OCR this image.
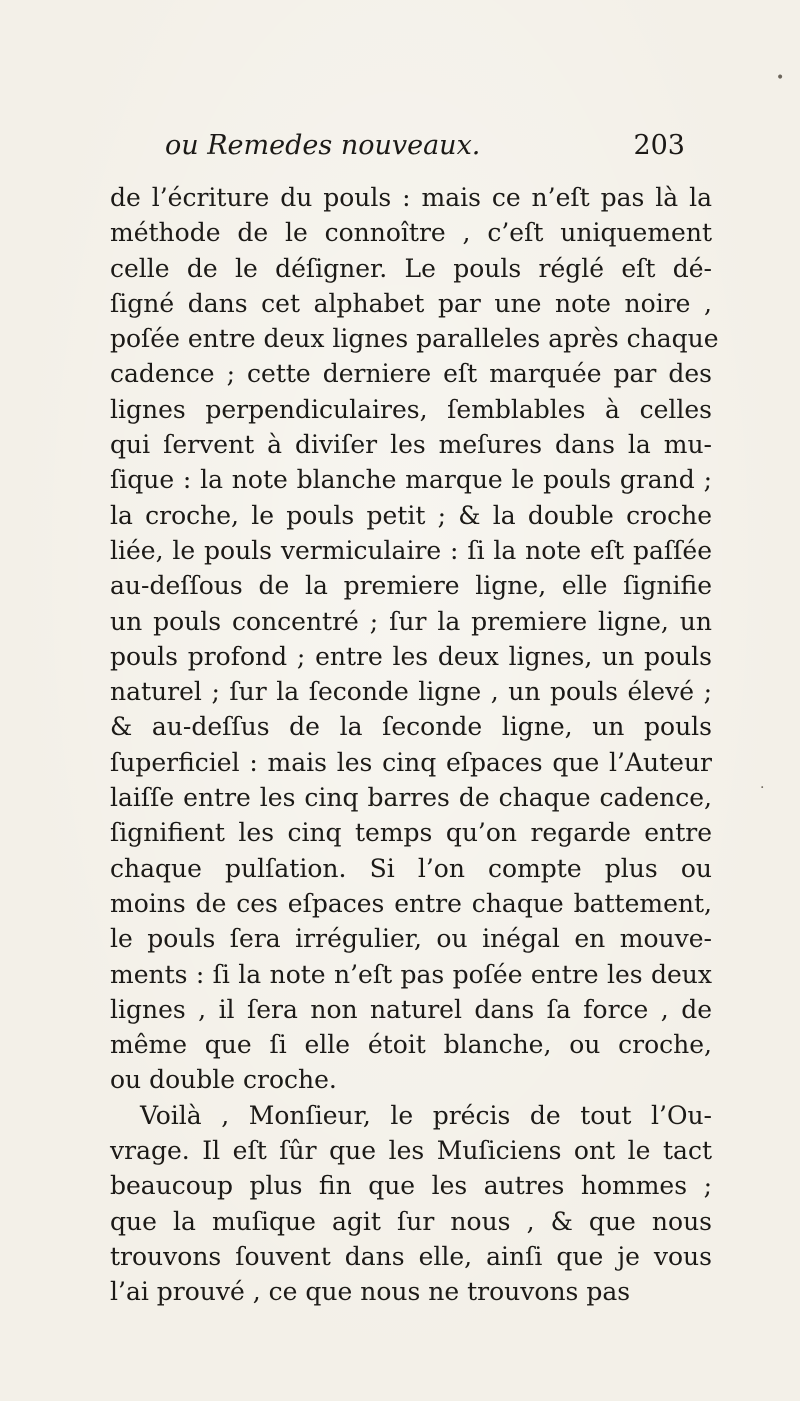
ou Remedes nouveaux.	203
de l’écriture du pouls : mais ce n’eſt pas là la
méthode de le connoître , c’eſt uniquement
celle de le déſigner. Le pouls réglé eſt dé-
ſigné dans cet alphabet par une note noire ,
poſée entre deux lignes paralleles après chaque
cadence ; cette derniere eſt marquée par des
lignes perpendiculaires, ſemblables à celles
qui ſervent à diviſer les meſures dans la mu-
ſique : la note blanche marque le pouls grand ;
la croche, le pouls petit ; & la double croche
liée, le pouls vermiculaire : ſi la note eſt paſſée
au-deſſous de la premiere ligne, elle ſignifie
un pouls concentré ; ſur la premiere ligne, un
pouls profond ; entre les deux lignes, un pouls
naturel ; ſur la ſeconde ligne , un pouls élevé ;
& au-deſſus de la ſeconde ligne, un pouls
ſuperficiel : mais les cinq eſpaces que l’Auteur
laiſſe entre les cinq barres de chaque cadence,
ſignifient les cinq temps qu’on regarde entre
chaque pulſation. Si l’on compte plus ou
moins de ces eſpaces entre chaque battement,
le pouls ſera irrégulier, ou inégal en mouve-
ments : ſi la note n’eſt pas poſée entre les deux
lignes , il ſera non naturel dans ſa force , de
même que ſi elle étoit blanche, ou croche,
ou double croche.
Voilà , Monſieur, le précis de tout l’Ou-
vrage. Il eſt ſûr que les Muſiciens ont le tact
beaucoup plus fin que les autres hommes ;
que la muſique agit ſur nous , & que nous
trouvons ſouvent dans elle, ainſi que je vous
l’ai prouvé , ce que nous ne trouvons pas
•
·
